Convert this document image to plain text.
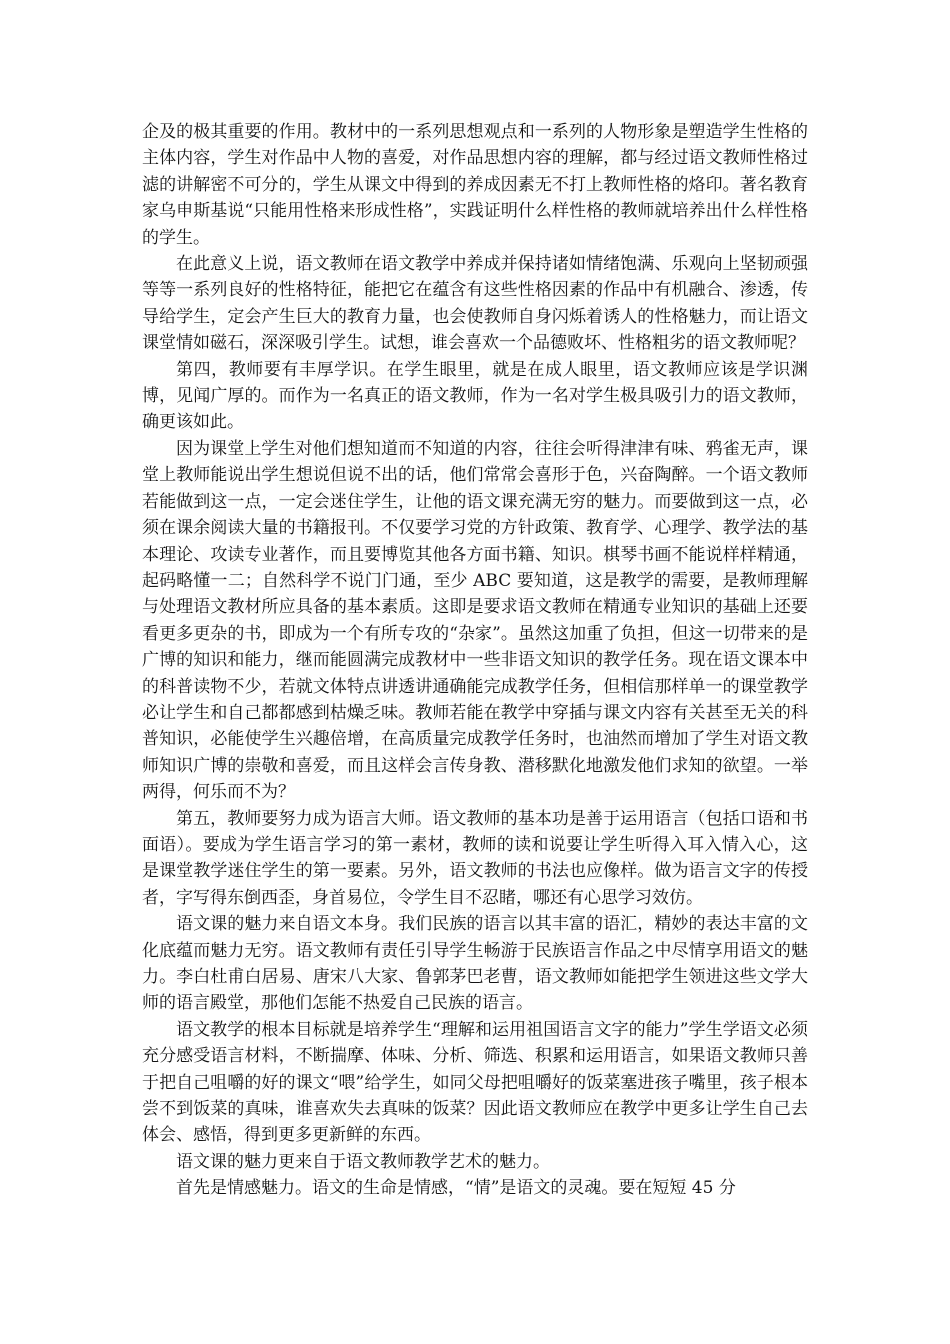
企及的极其重要的作用。教材中的一系列思想观点和一系列的人物形象是塑造学生性格的主体内容，学生对作品中人物的喜爱，对作品思想内容的理解，都与经过语文教师性格过滤的讲解密不可分的，学生从课文中得到的养成因素无不打上教师性格的烙印。著名教育家乌申斯基说“只能用性格来形成性格”，实践证明什么样性格的教师就培养出什么样性格的学生。

在此意义上说，语文教师在语文教学中养成并保持诸如情绪饱满、乐观向上坚韧顽强等等一系列良好的性格特征，能把它在蕴含有这些性格因素的作品中有机融合、渗透，传导给学生，定会产生巨大的教育力量，也会使教师自身闪烁着诱人的性格魅力，而让语文课堂情如磁石，深深吸引学生。试想，谁会喜欢一个品德败坏、性格粗劣的语文教师呢？

第四，教师要有丰厚学识。在学生眼里，就是在成人眼里，语文教师应该是学识渊博，见闻广厚的。而作为一名真正的语文教师，作为一名对学生极具吸引力的语文教师，确更该如此。

因为课堂上学生对他们想知道而不知道的内容，往往会听得津津有味、鸦雀无声，课堂上教师能说出学生想说但说不出的话，他们常常会喜形于色，兴奋陶醉。一个语文教师若能做到这一点，一定会迷住学生，让他的语文课充满无穷的魅力。而要做到这一点，必须在课余阅读大量的书籍报刊。不仅要学习党的方针政策、教育学、心理学、教学法的基本理论、攻读专业著作，而且要博览其他各方面书籍、知识。棋琴书画不能说样样精通，起码略懂一二；自然科学不说门门通，至少 ABC 要知道，这是教学的需要，是教师理解与处理语文教材所应具备的基本素质。这即是要求语文教师在精通专业知识的基础上还要看更多更杂的书，即成为一个有所专攻的“杂家”。虽然这加重了负担，但这一切带来的是广博的知识和能力，继而能圆满完成教材中一些非语文知识的教学任务。现在语文课本中的科普读物不少，若就文体特点讲透讲通确能完成教学任务，但相信那样单一的课堂教学必让学生和自己都都感到枯燥乏味。教师若能在教学中穿插与课文内容有关甚至无关的科普知识，必能使学生兴趣倍增，在高质量完成教学任务时，也油然而增加了学生对语文教师知识广博的崇敬和喜爱，而且这样会言传身教、潜移默化地激发他们求知的欲望。一举两得，何乐而不为？

第五，教师要努力成为语言大师。语文教师的基本功是善于运用语言（包括口语和书面语）。要成为学生语言学习的第一素材，教师的读和说要让学生听得入耳入情入心，这是课堂教学迷住学生的第一要素。另外，语文教师的书法也应像样。做为语言文字的传授者，字写得东倒西歪，身首易位，令学生目不忍睹，哪还有心思学习效仿。

语文课的魅力来自语文本身。我们民族的语言以其丰富的语汇，精妙的表达丰富的文化底蕴而魅力无穷。语文教师有责任引导学生畅游于民族语言作品之中尽情享用语文的魅力。李白杜甫白居易、唐宋八大家、鲁郭茅巴老曹，语文教师如能把学生领进这些文学大师的语言殿堂，那他们怎能不热爱自己民族的语言。

语文教学的根本目标就是培养学生“理解和运用祖国语言文字的能力”学生学语文必须充分感受语言材料，不断揣摩、体味、分析、筛选、积累和运用语言，如果语文教师只善于把自己咀嚼的好的课文“喂”给学生，如同父母把咀嚼好的饭菜塞进孩子嘴里，孩子根本尝不到饭菜的真味，谁喜欢失去真味的饭菜？因此语文教师应在教学中更多让学生自己去体会、感悟，得到更多更新鲜的东西。

语文课的魅力更来自于语文教师教学艺术的魅力。

首先是情感魅力。语文的生命是情感，“情”是语文的灵魂。要在短短 45 分
